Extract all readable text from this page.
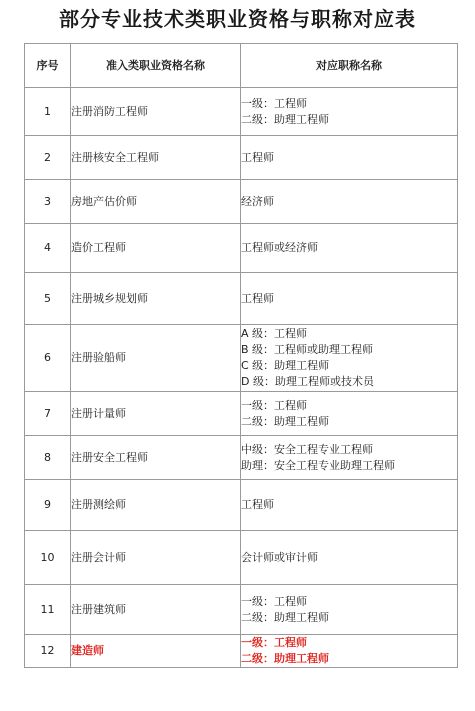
部分专业技术类职业资格与职称对应表
序号	准入类职业资格名称	对应职称名称
1	注册消防工程师	一级：工程师
二级：助理工程师

2	注册核安全工程师	工程师

3	房地产估价师	经济师

4	造价工程师	工程师或经济师

5	注册城乡规划师	工程师

6	注册验船师	A 级：工程师
B 级：工程师或助理工程师
C 级：助理工程师
D 级：助理工程师或技术员

7	注册计量师	一级：工程师
二级：助理工程师

8	注册安全工程师	中级：安全工程专业工程师
助理：安全工程专业助理工程师

9	注册测绘师	工程师

10	注册会计师	会计师或审计师

11	注册建筑师	一级：工程师
二级：助理工程师

12	建造师	一级：工程师
二级：助理工程师
